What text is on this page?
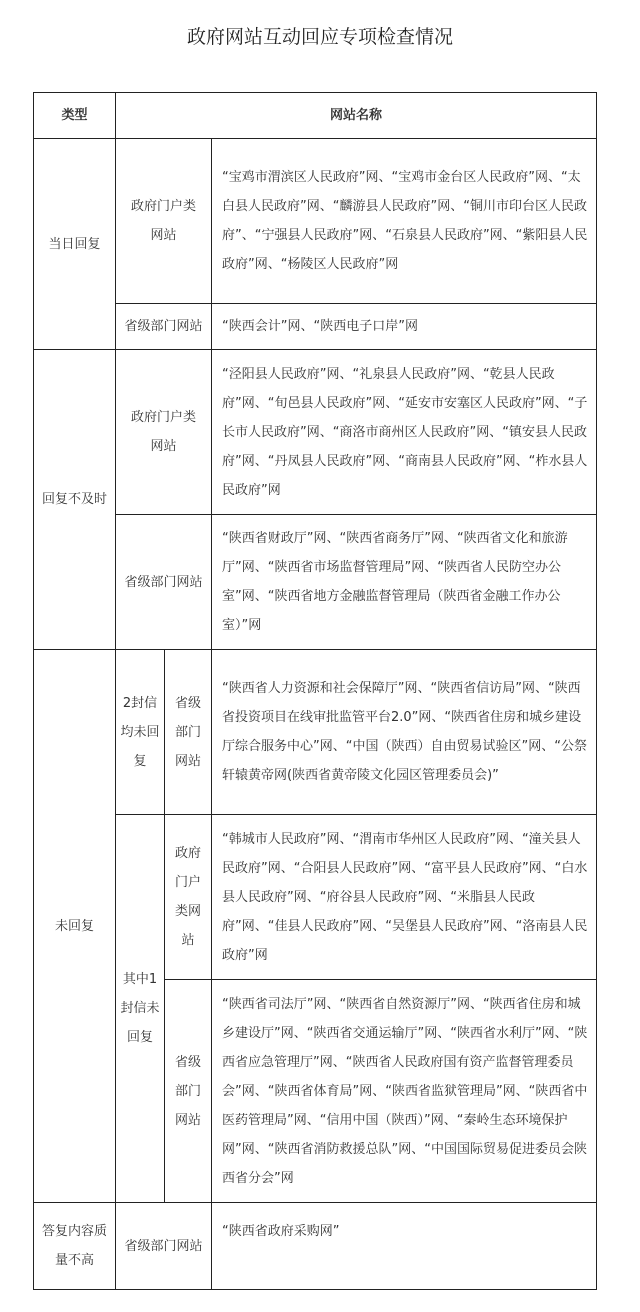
政府网站互动回应专项检查情况
类型	网站名称		
当日回复	政府门户类网站		“宝鸡市渭滨区人民政府”网、“宝鸡市金台区人民政府”网、“太白县人民政府”网、“麟游县人民政府”网、“铜川市印台区人民政府”、“宁强县人民政府”网、“石泉县人民政府”网、“紫阳县人民政府”网、“杨陵区人民政府”网
	省级部门网站		“陕西会计”网、“陕西电子口岸”网
回复不及时	政府门户类网站		“泾阳县人民政府”网、“礼泉县人民政府”网、“乾县人民政府”网、“旬邑县人民政府”网、“延安市安塞区人民政府”网、“子长市人民政府”网、“商洛市商州区人民政府”网、“镇安县人民政府”网、“丹凤县人民政府”网、“商南县人民政府”网、“柞水县人民政府”网
	省级部门网站		“陕西省财政厅”网、“陕西省商务厅”网、“陕西省文化和旅游厅”网、“陕西省市场监督管理局”网、“陕西省人民防空办公室”网、“陕西省地方金融监督管理局（陕西省金融工作办公室）”网
未回复	2封信均未回复	省级部门网站	“陕西省人力资源和社会保障厅”网、“陕西省信访局”网、“陕西省投资项目在线审批监管平台2.0”网、“陕西省住房和城乡建设厅综合服务中心”网、“中国（陕西）自由贸易试验区”网、“公祭轩辕黄帝网(陕西省黄帝陵文化园区管理委员会)”
	其中1封信未回复	政府门户类网站	“韩城市人民政府”网、“渭南市华州区人民政府”网、“潼关县人民政府”网、“合阳县人民政府”网、“富平县人民政府”网、“白水县人民政府”网、“府谷县人民政府”网、“米脂县人民政府”网、“佳县人民政府”网、“吴堡县人民政府”网、“洛南县人民政府”网
		省级部门网站	“陕西省司法厅”网、“陕西省自然资源厅”网、“陕西省住房和城乡建设厅”网、“陕西省交通运输厅”网、“陕西省水利厅”网、“陕西省应急管理厅”网、“陕西省人民政府国有资产监督管理委员会”网、“陕西省体育局”网、“陕西省监狱管理局”网、“陕西省中医药管理局”网、“信用中国（陕西）”网、“秦岭生态环境保护网”网、“陕西省消防救援总队”网、“中国国际贸易促进委员会陕西省分会”网
答复内容质量不高	省级部门网站		“陕西省政府采购网”
